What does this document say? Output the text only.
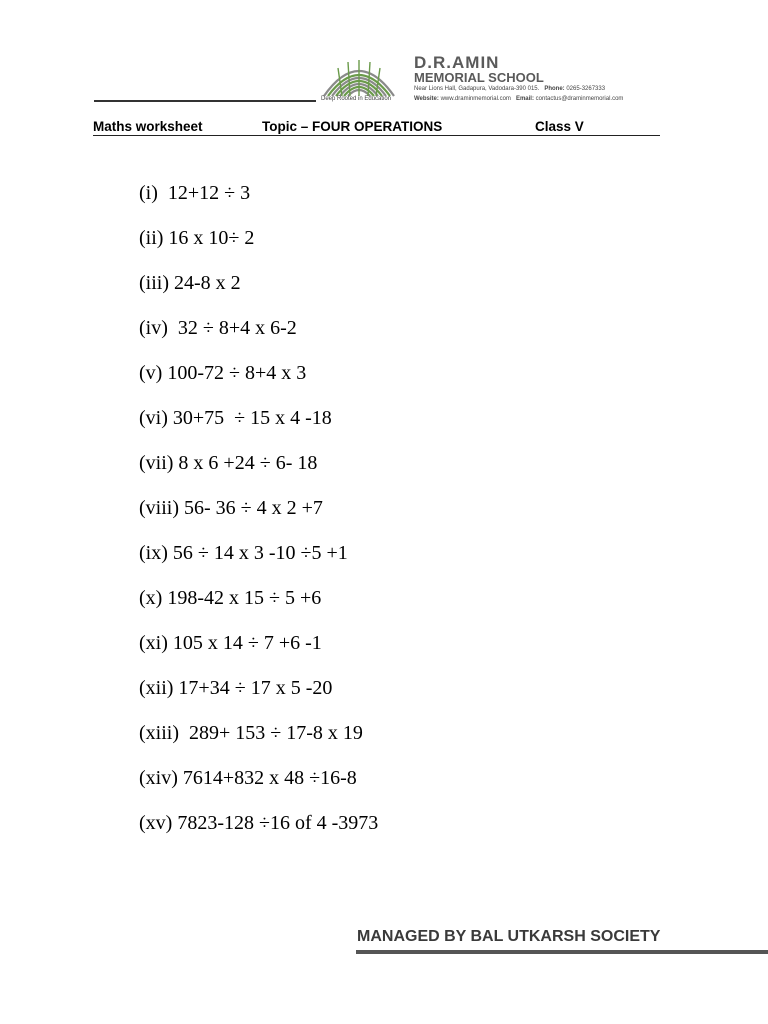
Deep Rooted in Education
D.R.AMIN
MEMORIAL SCHOOL
Near Lions Hall, Gadapura, Vadodara-390 015. Phone: 0265-3267333
Website: www.draminmemorial.com Email: contactus@draminmemorial.com
Maths worksheet	Topic – FOUR OPERATIONS	Class V
(i)  12+12 ÷ 3
(ii) 16 x 10÷ 2
(iii) 24-8 x 2
(iv)  32 ÷ 8+4 x 6-2
(v) 100-72 ÷ 8+4 x 3
(vi) 30+75  ÷ 15 x 4 -18
(vii) 8 x 6 +24 ÷ 6- 18
(viii) 56- 36 ÷ 4 x 2 +7
(ix) 56 ÷ 14 x 3 -10 ÷5 +1
(x) 198-42 x 15 ÷ 5 +6
(xi) 105 x 14 ÷ 7 +6 -1
(xii) 17+34 ÷ 17 x 5 -20
(xiii)  289+ 153 ÷ 17-8 x 19
(xiv) 7614+832 x 48 ÷16-8
(xv) 7823-128 ÷16 of 4 -3973
MANAGED BY BAL UTKARSH SOCIETY
